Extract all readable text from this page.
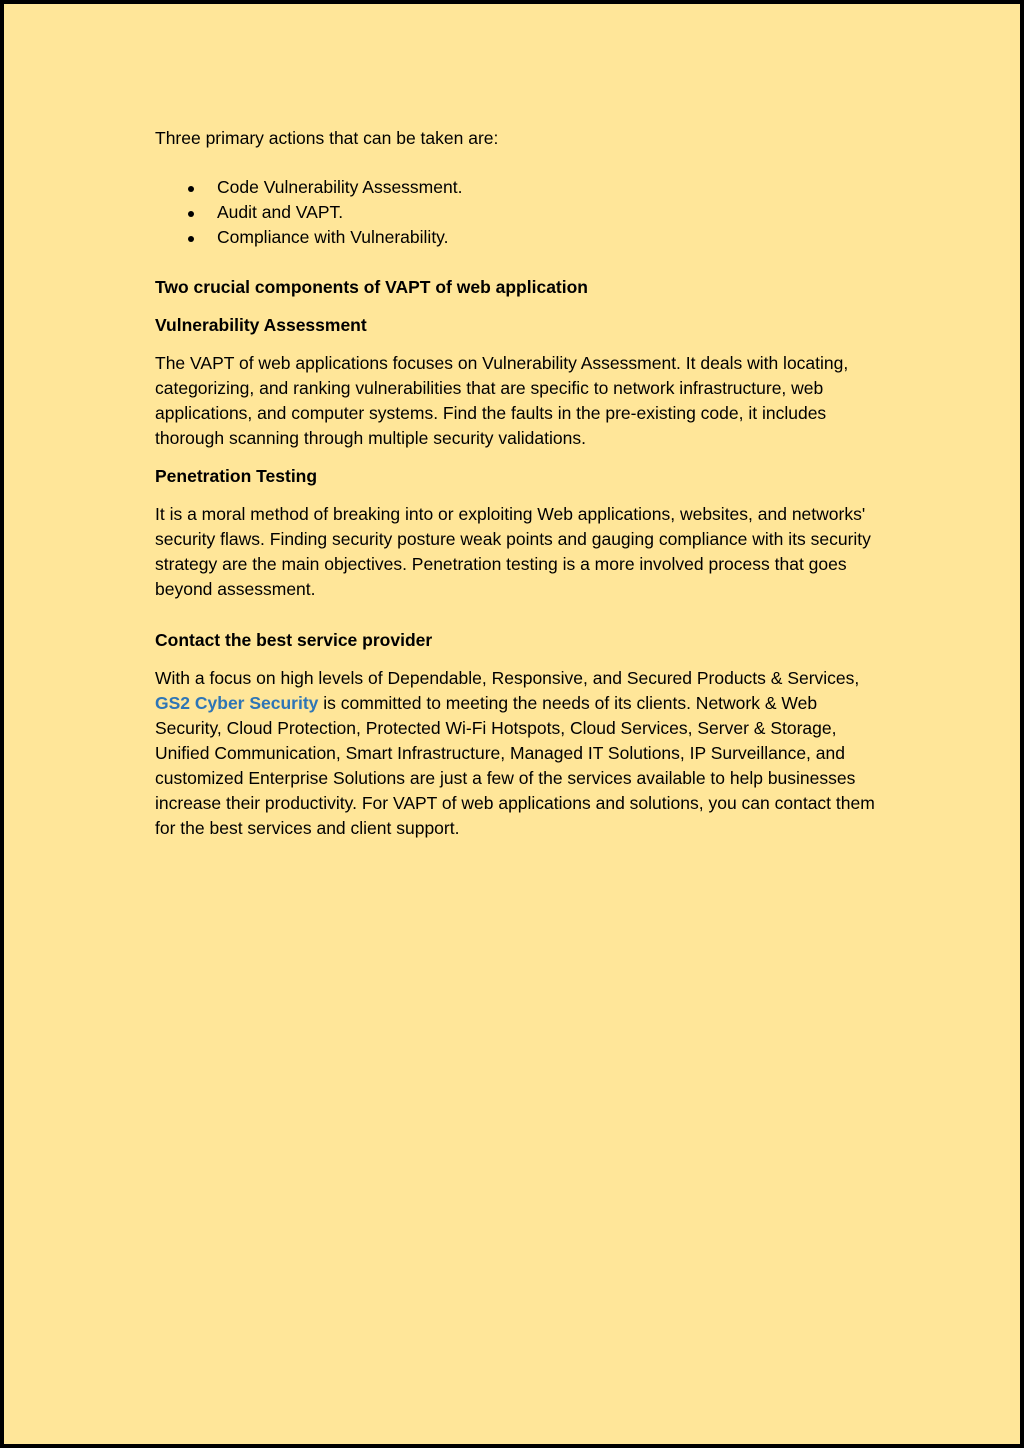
Three primary actions that can be taken are:

Code Vulnerability Assessment.
Audit and VAPT.
Compliance with Vulnerability.

Two crucial components of VAPT of web application

Vulnerability Assessment

The VAPT of web applications focuses on Vulnerability Assessment. It deals with locating, categorizing, and ranking vulnerabilities that are specific to network infrastructure, web applications, and computer systems. Find the faults in the pre-existing code, it includes thorough scanning through multiple security validations.

Penetration Testing

It is a moral method of breaking into or exploiting Web applications, websites, and networks' security flaws. Finding security posture weak points and gauging compliance with its security strategy are the main objectives. Penetration testing is a more involved process that goes beyond assessment.

Contact the best service provider

With a focus on high levels of Dependable, Responsive, and Secured Products & Services, GS2 Cyber Security is committed to meeting the needs of its clients. Network & Web Security, Cloud Protection, Protected Wi-Fi Hotspots, Cloud Services, Server & Storage, Unified Communication, Smart Infrastructure, Managed IT Solutions, IP Surveillance, and customized Enterprise Solutions are just a few of the services available to help businesses increase their productivity. For VAPT of web applications and solutions, you can contact them for the best services and client support.
